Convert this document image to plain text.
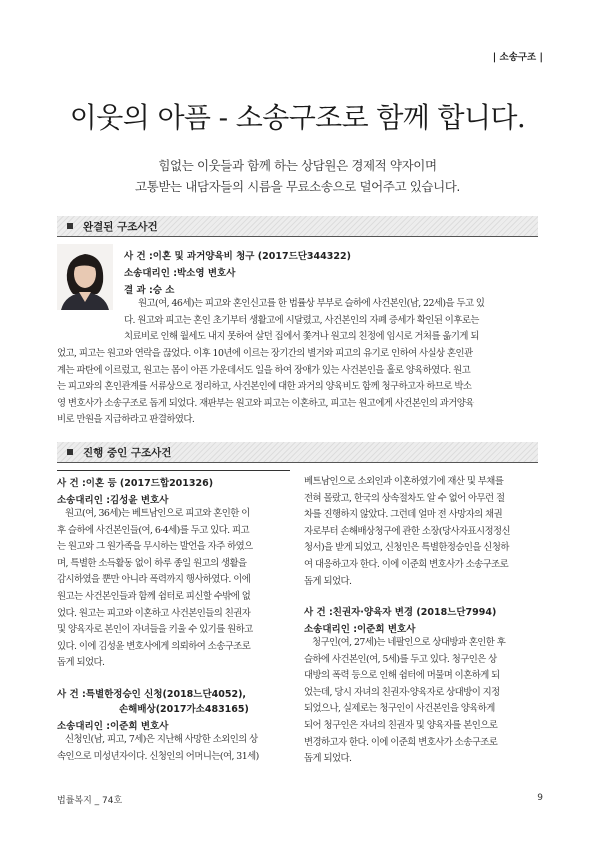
| 소송구조 |
이웃의 아픔 - 소송구조로 함께 합니다.
힘없는 이웃들과 함께 하는 상담원은 경제적 약자이며
고통받는 내담자들의 시름을 무료소송으로 덜어주고 있습니다.
완결된 구조사건
사 건 :이혼 및 과거양육비 청구 (2017드단344322)
소송대리인 :박소영 변호사
결 과 :승 소
원고(여, 46세)는 피고와 혼인신고를 한 법률상 부부로 슬하에 사건본인(남, 22세)을 두고 있
다. 원고와 피고는 혼인 초기부터 생활고에 시달렸고, 사건본인의 자폐 증세가 확인된 이후로는
치료비로 인해 월세도 내지 못하여 살던 집에서 쫓겨나 원고의 친정에 임시로 거처를 옮기게 되
었고, 피고는 원고와 연락을 끊었다. 이후 10년에 이르는 장기간의 별거와 피고의 유기로 인하여 사실상 혼인관
계는 파탄에 이르렀고, 원고는 몸이 아픈 가운데서도 일을 하여 장애가 있는 사건본인을 홀로 양육하였다. 원고
는 피고와의 혼인관계를 서류상으로 정리하고, 사건본인에 대한 과거의 양육비도 함께 청구하고자 하므로 박소
영 변호사가 소송구조로 돕게 되었다. 재판부는 원고와 피고는 이혼하고, 피고는 원고에게 사건본인의 과거양육
비로 만원을 지급하라고 판결하였다.
진행 중인 구조사건
사 건 :이혼 등 (2017드합201326)
소송대리인 :김성윤 변호사
원고(여, 36세)는 베트남인으로 피고와 혼인한 이
후 슬하에 사건본인들(여, 6·4세)를 두고 있다. 피고
는 원고와 그 원가족을 무시하는 발언을 자주 하였으
며, 특별한 소득활동 없이 하루 종일 원고의 생활을
감시하였을 뿐만 아니라 폭력까지 행사하였다. 이에
원고는 사건본인들과 함께 쉼터로 피신할 수밖에 없
었다. 원고는 피고와 이혼하고 사건본인들의 친권자
및 양육자로 본인이 자녀들을 키울 수 있기를 원하고
있다. 이에 김성윤 변호사에게 의뢰하여 소송구조로
돕게 되었다.
사 건 :특별한정승인 신청(2018느단4052),
손해배상(2017가소483165)
소송대리인 :이준희 변호사
신청인(남, 피고, 7세)은 지난해 사망한 소외인의 상
속인으로 미성년자이다. 신청인의 어머니는(여, 31세)
베트남인으로 소외인과 이혼하였기에 재산 및 부채를
전혀 몰랐고, 한국의 상속절차도 알 수 없어 아무런 절
차를 진행하지 않았다. 그런데 얼마 전 사망자의 채권
자로부터 손해배상청구에 관한 소장(당사자표시정정신
청서)을 받게 되었고, 신청인은 특별한정승인을 신청하
여 대응하고자 한다. 이에 이준희 변호사가 소송구조로
돕게 되었다.
사 건 :친권자·양육자 변경 (2018느단7994)
소송대리인 :이준희 변호사
청구인(여, 27세)는 네팔인으로 상대방과 혼인한 후
슬하에 사건본인(여, 5세)를 두고 있다. 청구인은 상
대방의 폭력 등으로 인해 쉼터에 머물며 이혼하게 되
었는데, 당시 자녀의 친권자·양육자로 상대방이 지정
되었으나, 실제로는 청구인이 사건본인을 양육하게
되어 청구인은 자녀의 친권자 및 양육자를 본인으로
변경하고자 한다. 이에 이준희 변호사가 소송구조로
돕게 되었다.
법률복지 _ 74호	9
